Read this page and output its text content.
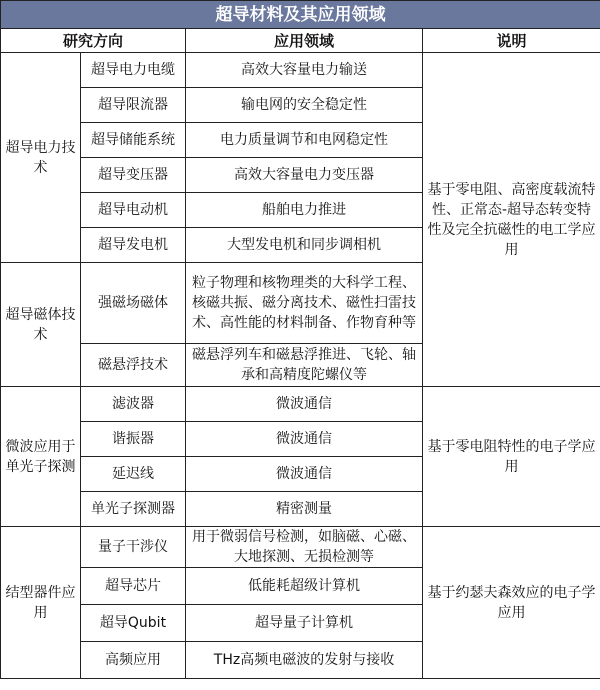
超导材料及其应用领域			
研究方向		应用领域	说明
超导电力技术	超导电力电缆	高效大容量电力输送	基于零电阻、高密度载流特性、正常态-超导态转变特性及完全抗磁性的电工学应用
	超导限流器	输电网的安全稳定性	
	超导储能系统	电力质量调节和电网稳定性	
	超导变压器	高效大容量电力变压器	
	超导电动机	船舶电力推进	
	超导发电机	大型发电机和同步调相机	
超导磁体技术	强磁场磁体	粒子物理和核物理类的大科学工程、核磁共振、磁分离技术、磁性扫雷技术、高性能的材料制备、作物育种等	
	磁悬浮技术	磁悬浮列车和磁悬浮推进、飞轮、轴承和高精度陀螺仪等	
微波应用于单光子探测	滤波器	微波通信	基于零电阻特性的电子学应用
	谐振器	微波通信	
	延迟线	微波通信	
	单光子探测器	精密测量	
结型器件应用	量子干涉仪	用于微弱信号检测，如脑磁、心磁、大地探测、无损检测等	基于约瑟夫森效应的电子学应用
	超导芯片	低能耗超级计算机	
	超导Qubit	超导量子计算机	
	高频应用	THz高频电磁波的发射与接收	
